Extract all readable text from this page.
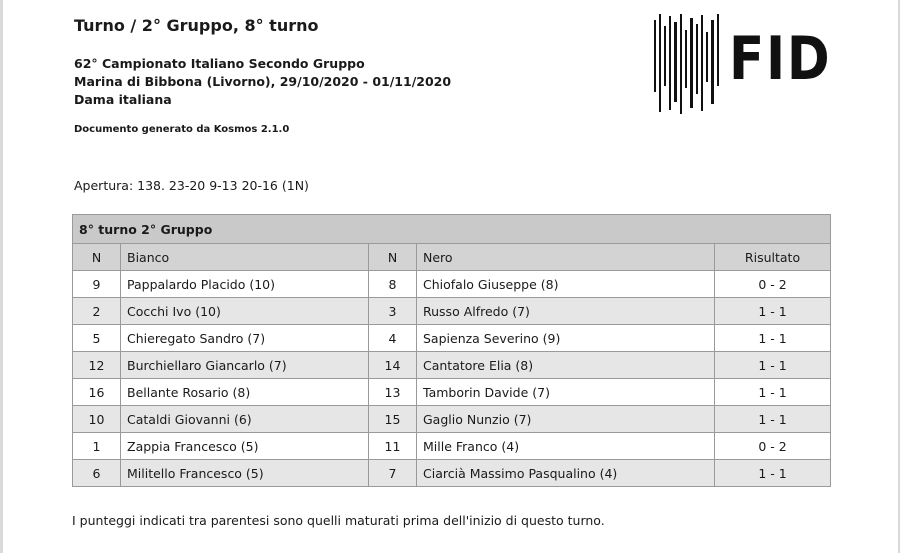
Turno / 2° Gruppo, 8° turno
62° Campionato Italiano Secondo Gruppo
Marina di Bibbona (Livorno), 29/10/2020 - 01/11/2020
Dama italiana
Documento generato da Kosmos 2.1.0
FID
Apertura: 138. 23-20 9-13 20-16 (1N)
8° turno 2° Gruppo				
N	Bianco	N	Nero	Risultato
9	Pappalardo Placido (10)	8	Chiofalo Giuseppe (8)	0 - 2
2	Cocchi Ivo (10)	3	Russo Alfredo (7)	1 - 1
5	Chieregato Sandro (7)	4	Sapienza Severino (9)	1 - 1
12	Burchiellaro Giancarlo (7)	14	Cantatore Elia (8)	1 - 1
16	Bellante Rosario (8)	13	Tamborin Davide (7)	1 - 1
10	Cataldi Giovanni (6)	15	Gaglio Nunzio (7)	1 - 1
1	Zappia Francesco (5)	11	Mille Franco (4)	0 - 2
6	Militello Francesco (5)	7	Ciarcià Massimo Pasqualino (4)	1 - 1
I punteggi indicati tra parentesi sono quelli maturati prima dell'inizio di questo turno.
